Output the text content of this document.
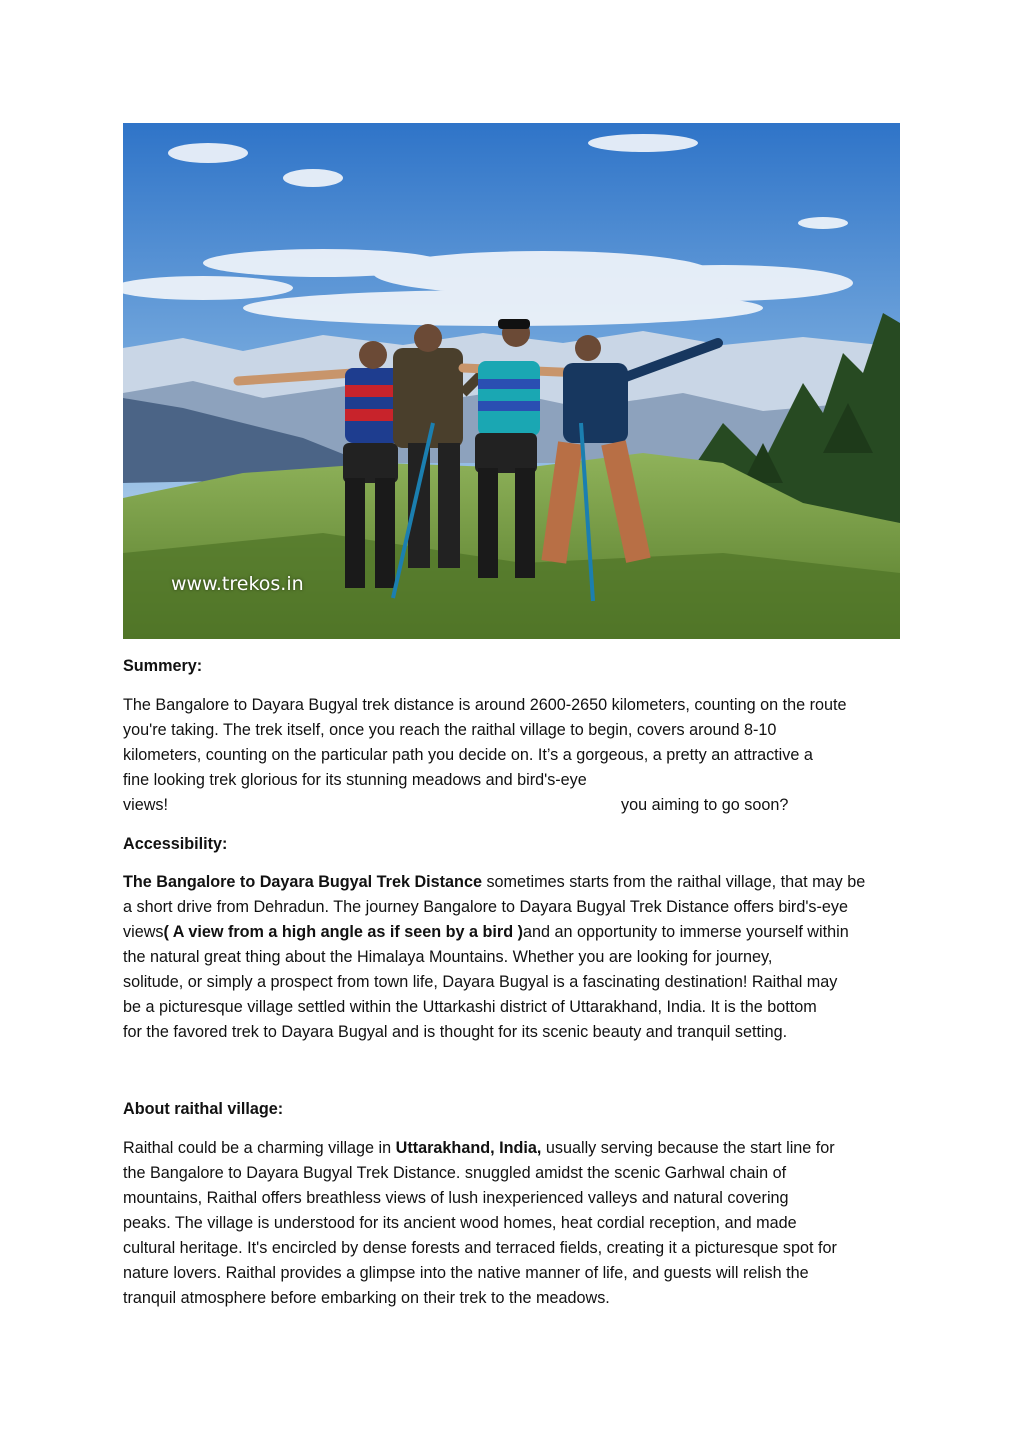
www.trekos.in

Summery:

The Bangalore to Dayara Bugyal trek distance is around 2600-2650 kilometers, counting on the route

you're taking. The trek itself, once you reach the raithal village to begin, covers around 8-10

kilometers, counting on the particular path you decide on. It’s a gorgeous, a pretty an attractive a

fine looking trek glorious for its stunning meadows and bird's-eye

views!	you aiming to go soon?

Accessibility:

The Bangalore to Dayara Bugyal Trek Distance sometimes starts from the raithal village, that may be

a short drive from Dehradun. The journey Bangalore to Dayara Bugyal Trek Distance offers bird's-eye

views( A view from a high angle as if seen by a bird )and an opportunity to immerse yourself within

the natural great thing about the Himalaya Mountains. Whether you are looking for journey,

solitude, or simply a prospect from town life, Dayara Bugyal is a fascinating destination! Raithal may

be a picturesque village settled within the Uttarkashi district of Uttarakhand, India. It is the bottom

for the favored trek to Dayara Bugyal and is thought for its scenic beauty and tranquil setting.

About raithal village:

Raithal could be a charming village in Uttarakhand, India, usually serving because the start line for

the Bangalore to Dayara Bugyal Trek Distance. snuggled amidst the scenic Garhwal chain of

mountains, Raithal offers breathless views of lush inexperienced valleys and natural covering

peaks. The village is understood for its ancient wood homes, heat cordial reception, and made

cultural heritage. It's encircled by dense forests and terraced fields, creating it a picturesque spot for

nature lovers. Raithal provides a glimpse into the native manner of life, and guests will relish the

tranquil atmosphere before embarking on their trek to the meadows.
